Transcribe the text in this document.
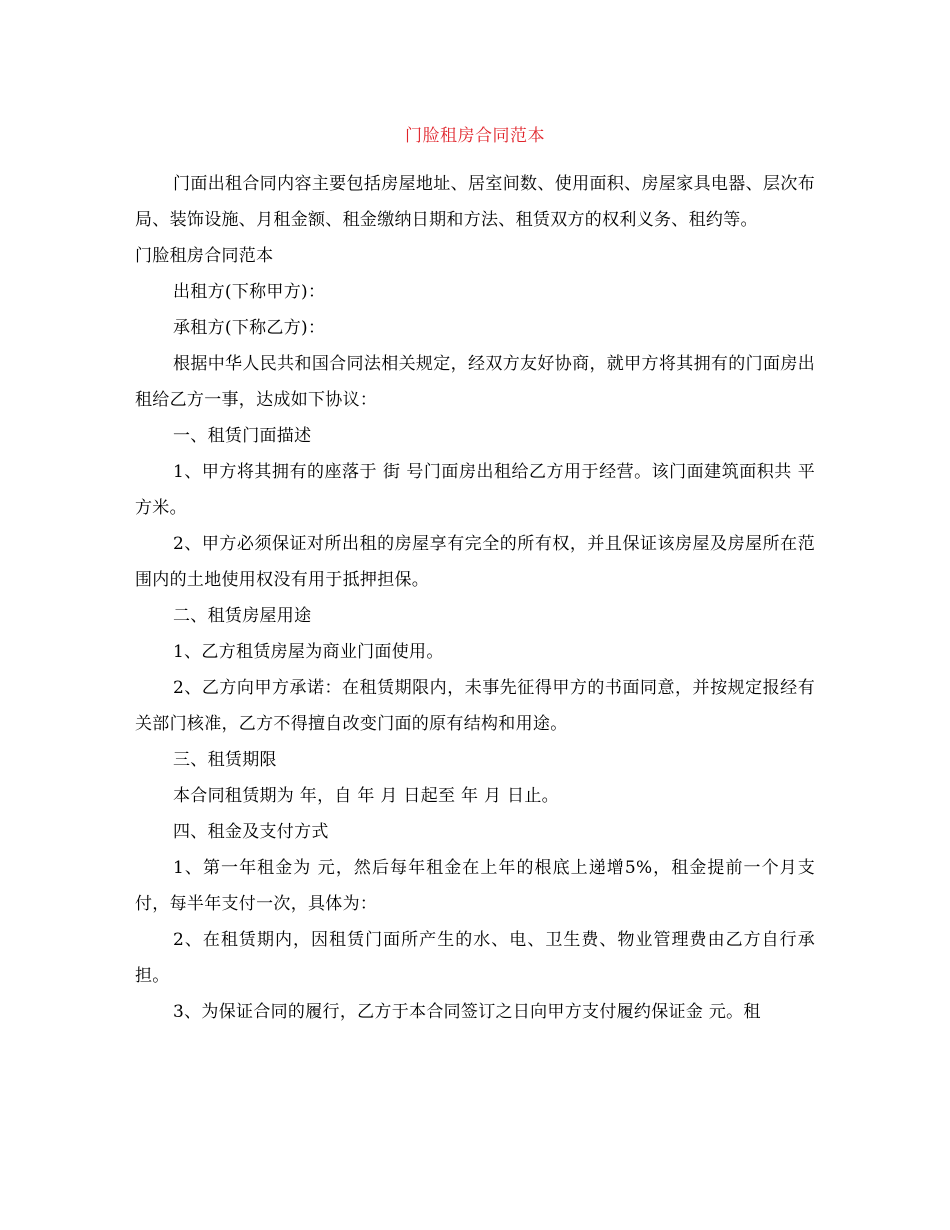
门脸租房合同范本

门面出租合同内容主要包括房屋地址、居室间数、使用面积、房屋家具电器、层次布局、装饰设施、月租金额、租金缴纳日期和方法、租赁双方的权利义务、租约等。

门脸租房合同范本

出租方(下称甲方)：

承租方(下称乙方)：

根据中华人民共和国合同法相关规定，经双方友好协商，就甲方将其拥有的门面房出租给乙方一事，达成如下协议：

一、租赁门面描述

1、甲方将其拥有的座落于 街 号门面房出租给乙方用于经营。该门面建筑面积共 平方米。

2、甲方必须保证对所出租的房屋享有完全的所有权，并且保证该房屋及房屋所在范围内的土地使用权没有用于抵押担保。

二、租赁房屋用途

1、乙方租赁房屋为商业门面使用。

2、乙方向甲方承诺：在租赁期限内，未事先征得甲方的书面同意，并按规定报经有关部门核准，乙方不得擅自改变门面的原有结构和用途。

三、租赁期限

本合同租赁期为 年，自 年 月 日起至 年 月 日止。

四、租金及支付方式

1、第一年租金为 元，然后每年租金在上年的根底上递增5%，租金提前一个月支付，每半年支付一次，具体为：

2、在租赁期内，因租赁门面所产生的水、电、卫生费、物业管理费由乙方自行承担。

3、为保证合同的履行，乙方于本合同签订之日向甲方支付履约保证金 元。租
